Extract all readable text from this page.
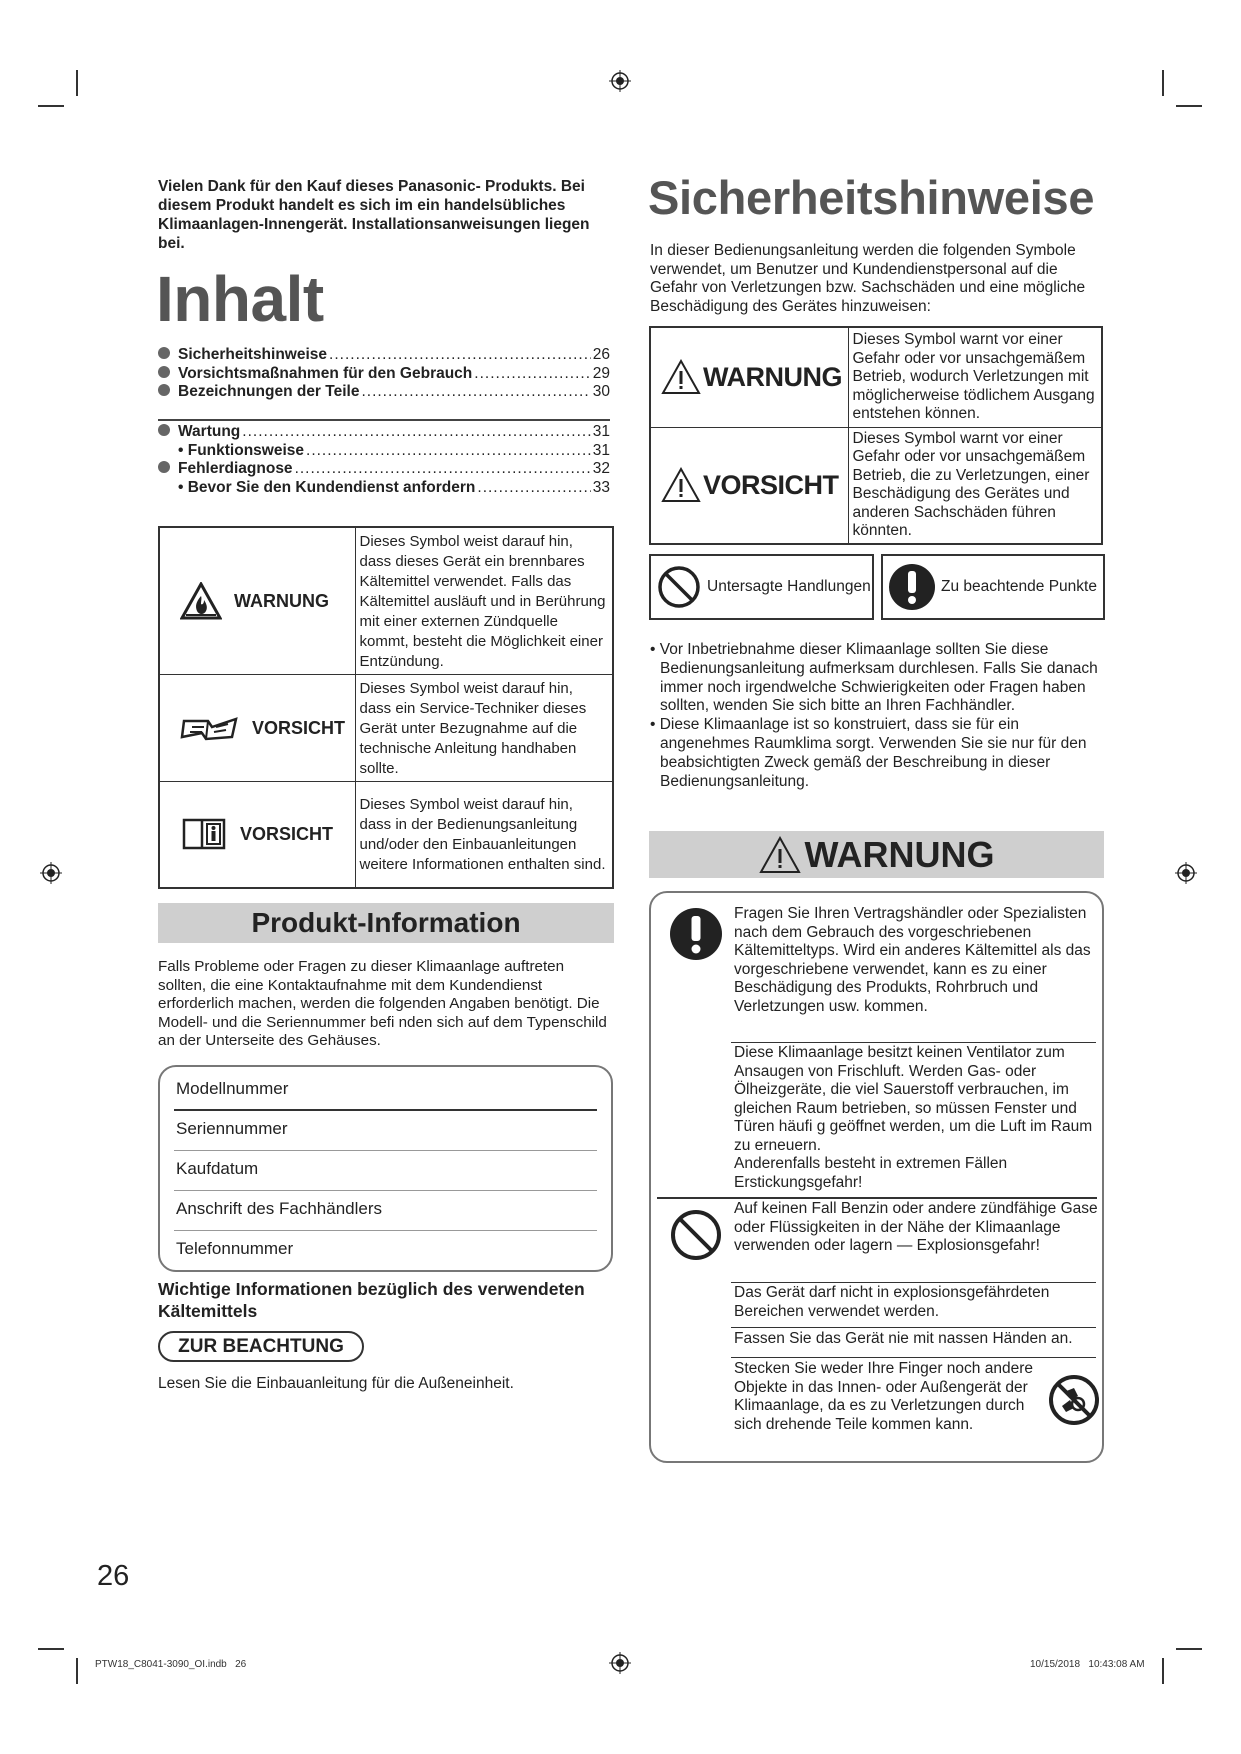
Vielen Dank für den Kauf dieses Panasonic- Produkts. Bei diesem Produkt handelt es sich im ein handelsübliches Klimaanlagen-Innengerät. Installationsanweisungen liegen bei.
Inhalt
Sicherheitshinweise .....	26
Vorsichtsmaßnahmen für den Gebrauch .....	29
Bezeichnungen der Teile .....	30
Wartung .....	31
• Funktionsweise .....	31
Fehlerdiagnose .....	32
• Bevor Sie den Kundendienst anfordern .....	33
WARNUNG	Dieses Symbol weist darauf hin, dass dieses Gerät ein brennbares Kältemittel verwendet. Falls das Kältemittel ausläuft und in Berührung mit einer externen Zündquelle kommt, besteht die Möglichkeit einer Entzündung.

VORSICHT	Dieses Symbol weist darauf hin, dass ein Service-Techniker dieses Gerät unter Bezugnahme auf die technische Anleitung handhaben sollte.

VORSICHT	Dieses Symbol weist darauf hin, dass in der Bedienungsanleitung und/oder den Einbauanleitungen weitere Informationen enthalten sind.
Produkt-Information
Falls Probleme oder Fragen zu dieser Klimaanlage auftreten sollten, die eine Kontaktaufnahme mit dem Kundendienst erforderlich machen, werden die folgenden Angaben benötigt. Die Modell- und die Seriennummer befi nden sich auf dem Typenschild an der Unterseite des Gehäuses.
Modellnummer
Seriennummer
Kaufdatum
Anschrift des Fachhändlers
Telefonnummer
Wichtige Informationen bezüglich des verwendeten Kältemittels
ZUR BEACHTUNG
Lesen Sie die Einbauanleitung für die Außeneinheit.
26
PTW18_C8041-3090_OI.indb   26	10/15/2018   10:43:08 AM
Sicherheitshinweise
In dieser Bedienungsanleitung werden die folgenden Symbole verwendet, um Benutzer und Kundendienstpersonal auf die Gefahr von Verletzungen bzw. Sachschäden und eine mögliche Beschädigung des Gerätes hinzuweisen:
WARNUNG	Dieses Symbol warnt vor einer Gefahr oder vor unsachgemäßem Betrieb, wodurch Verletzungen mit möglicherweise tödlichem Ausgang entstehen können.

VORSICHT	Dieses Symbol warnt vor einer Gefahr oder vor unsachgemäßem Betrieb, die zu Verletzungen, einer Beschädigung des Gerätes und anderen Sachschäden führen könnten.
Untersagte Handlungen	Zu beachtende Punkte

• Vor Inbetriebnahme dieser Klimaanlage sollten Sie diese Bedienungsanleitung aufmerksam durchlesen. Falls Sie danach immer noch irgendwelche Schwierigkeiten oder Fragen haben sollten, wenden Sie sich bitte an Ihren Fachhändler.

• Diese Klimaanlage ist so konstruiert, dass sie für ein angenehmes Raumklima sorgt. Verwenden Sie sie nur für den beabsichtigten Zweck gemäß der Beschreibung in dieser Bedienungsanleitung.

WARNUNG
Fragen Sie Ihren Vertragshändler oder Spezialisten nach dem Gebrauch des vorgeschriebenen Kältemitteltyps. Wird ein anderes Kältemittel als das vorgeschriebene verwendet, kann es zu einer Beschädigung des Produkts, Rohrbruch und Verletzungen usw. kommen.
Diese Klimaanlage besitzt keinen Ventilator zum Ansaugen von Frischluft. Werden Gas- oder Ölheizgeräte, die viel Sauerstoff verbrauchen, im gleichen Raum betrieben, so müssen Fenster und Türen häufi g geöffnet werden, um die Luft im Raum zu erneuern.
Anderenfalls besteht in extremen Fällen Erstickungsgefahr!
Auf keinen Fall Benzin oder andere zündfähige Gase oder Flüssigkeiten in der Nähe der Klimaanlage verwenden oder lagern — Explosionsgefahr!
Das Gerät darf nicht in explosionsgefährdeten Bereichen verwendet werden.
Fassen Sie das Gerät nie mit nassen Händen an.
Stecken Sie weder Ihre Finger noch andere Objekte in das Innen- oder Außengerät der Klimaanlage, da es zu Verletzungen durch sich drehende Teile kommen kann.
